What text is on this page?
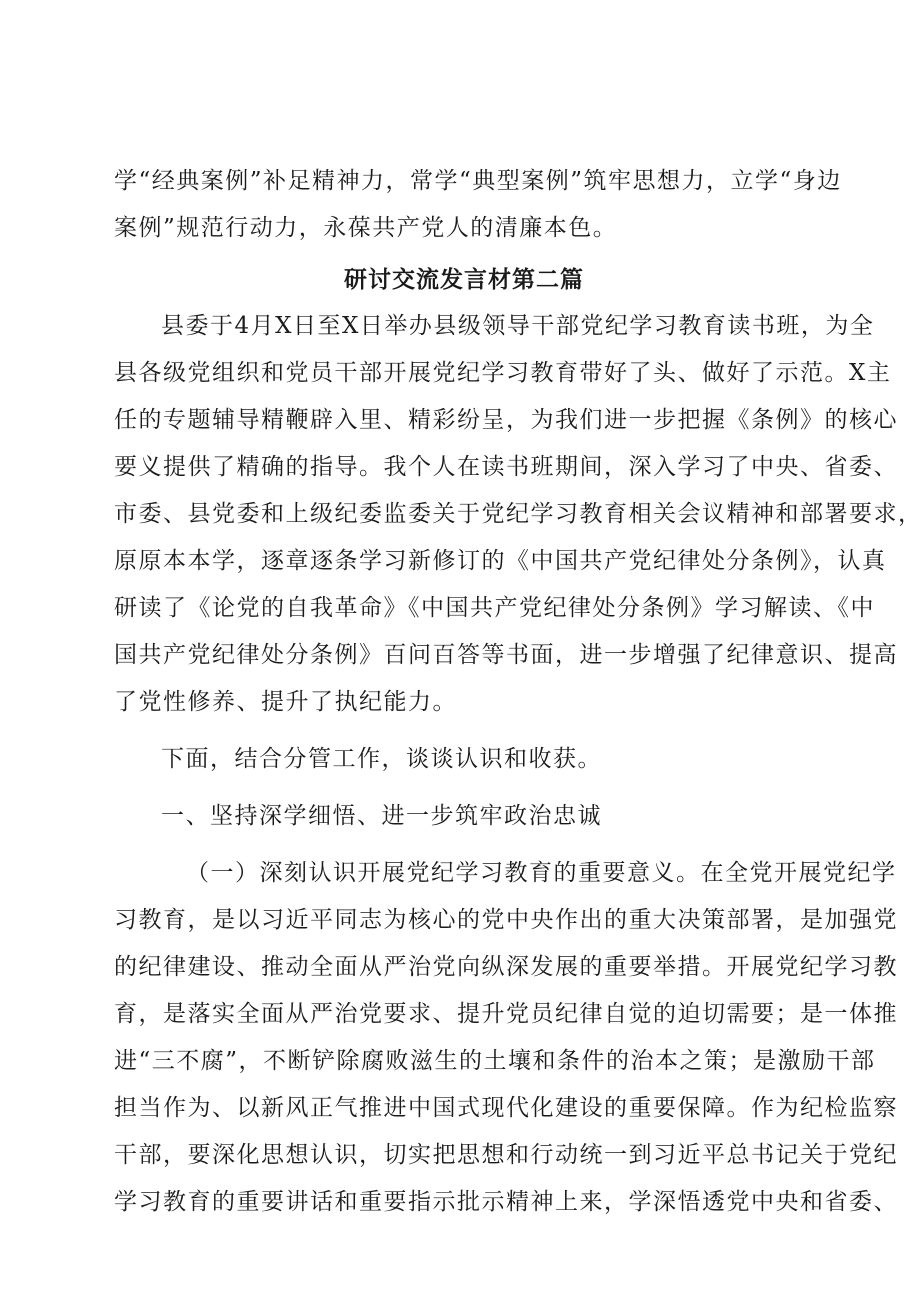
学“经典案例”补足精神力，常学“典型案例”筑牢思想力，立学“身边
案例”规范行动力，永葆共产党人的清廉本色。
研讨交流发言材第二篇
县委于4月X日至X日举办县级领导干部党纪学习教育读书班，为全
县各级党组织和党员干部开展党纪学习教育带好了头、做好了示范。X主
任的专题辅导精鞭辟入里、精彩纷呈，为我们进一步把握《条例》的核心
要义提供了精确的指导。我个人在读书班期间，深入学习了中央、省委、
市委、县党委和上级纪委监委关于党纪学习教育相关会议精神和部署要求，
原原本本学，逐章逐条学习新修订的《中国共产党纪律处分条例》，认真
研读了《论党的自我革命》《中国共产党纪律处分条例》学习解读、《中
国共产党纪律处分条例》百问百答等书面，进一步增强了纪律意识、提高
了党性修养、提升了执纪能力。
下面，结合分管工作，谈谈认识和收获。
一、坚持深学细悟、进一步筑牢政治忠诚
（一）深刻认识开展党纪学习教育的重要意义。在全党开展党纪学
习教育，是以习近平同志为核心的党中央作出的重大决策部署，是加强党
的纪律建设、推动全面从严治党向纵深发展的重要举措。开展党纪学习教
育，是落实全面从严治党要求、提升党员纪律自觉的迫切需要；是一体推
进“三不腐”，不断铲除腐败滋生的土壤和条件的治本之策；是激励干部
担当作为、以新风正气推进中国式现代化建设的重要保障。作为纪检监察
干部，要深化思想认识，切实把思想和行动统一到习近平总书记关于党纪
学习教育的重要讲话和重要指示批示精神上来，学深悟透党中央和省委、
